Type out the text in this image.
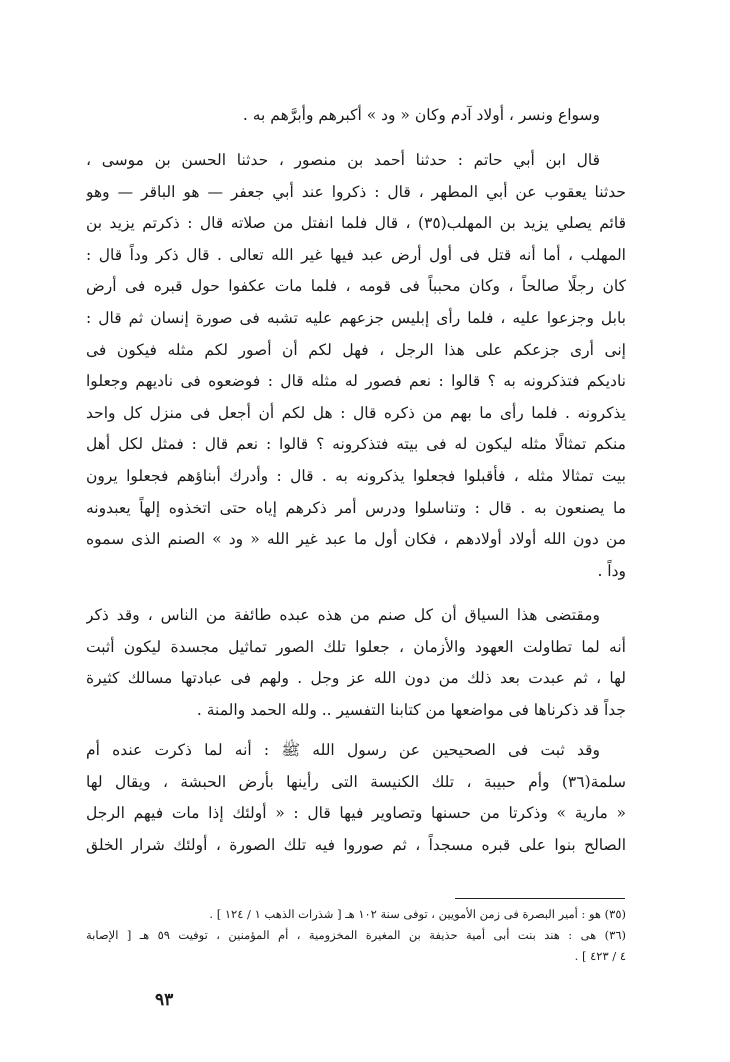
وسواع ونسر ، أولاد آدم وكان « ود » أكبرهم وأبرَّهم به .
قال ابن أبي حاتم : حدثنا أحمد بن منصور ، حدثنا الحسن بن موسى ،
حدثنا يعقوب عن أبي المطهر ، قال : ذكروا عند أبي جعفر — هو الباقر — وهو
قائم يصلي يزيد بن المهلب(٣٥) ، قال فلما انفتل من صلاته قال : ذكرتم يزيد بن
المهلب ، أما أنه قتل فى أول أرض عبد فيها غير الله تعالى . قال ذكر وداً قال :
كان رجلًا صالحاً ، وكان محبباً فى قومه ، فلما مات عكفوا حول قبره فى أرض
بابل وجزعوا عليه ، فلما رأى إبليس جزعهم عليه تشبه فى صورة إنسان ثم قال :
إنى أرى جزعكم على هذا الرجل ، فهل لكم أن أصور لكم مثله فيكون فى
ناديكم فتذكرونه به ؟ قالوا : نعم فصور له مثله قال : فوضعوه فى ناديهم وجعلوا
يذكرونه . فلما رأى ما بهم من ذكره قال : هل لكم أن أجعل فى منزل كل واحد
منكم تمثالًا مثله ليكون له فى بيته فتذكرونه ؟ قالوا : نعم قال : فمثل لكل أهل
بيت تمثالا مثله ، فأقبلوا فجعلوا يذكرونه به . قال : وأدرك أبناؤهم فجعلوا يرون
ما يصنعون به . قال : وتناسلوا ودرس أمر ذكرهم إياه حتى اتخذوه إلهاً يعبدونه
من دون الله أولاد أولادهم ، فكان أول ما عبد غير الله « ود » الصنم الذى سموه
وداً .
ومقتضى هذا السياق أن كل صنم من هذه عبده طائفة من الناس ، وقد ذكر
أنه لما تطاولت العهود والأزمان ، جعلوا تلك الصور تماثيل مجسدة ليكون أثبت
لها ، ثم عبدت بعد ذلك من دون الله عز وجل . ولهم فى عبادتها مسالك كثيرة
جداً قد ذكرناها فى مواضعها من كتابنا التفسير .. ولله الحمد والمنة .
وقد ثبت فى الصحيحين عن رسول الله ﷺ : أنه لما ذكرت عنده أم
سلمة(٣٦) وأم حبيبة ، تلك الكنيسة التى رأينها بأرض الحبشة ، ويقال لها
« مارية » وذكرتا من حسنها وتصاوير فيها قال : « أولئك إذا مات فيهم الرجل
الصالح بنوا على قبره مسجداً ، ثم صوروا فيه تلك الصورة ، أولئك شرار الخلق
(٣٥) هو : أمير البصرة فى زمن الأمويين ، توفى سنة ١٠٢ هـ [ شذرات الذهب ١ / ١٢٤ ] .
(٣٦) هى : هند بنت أبى أمية حذيفة بن المغيرة المخزومية ، أم المؤمنين ، توفيت ٥٩ هـ [ الإصابة
٤ / ٤٢٣ ] .
٩٣
